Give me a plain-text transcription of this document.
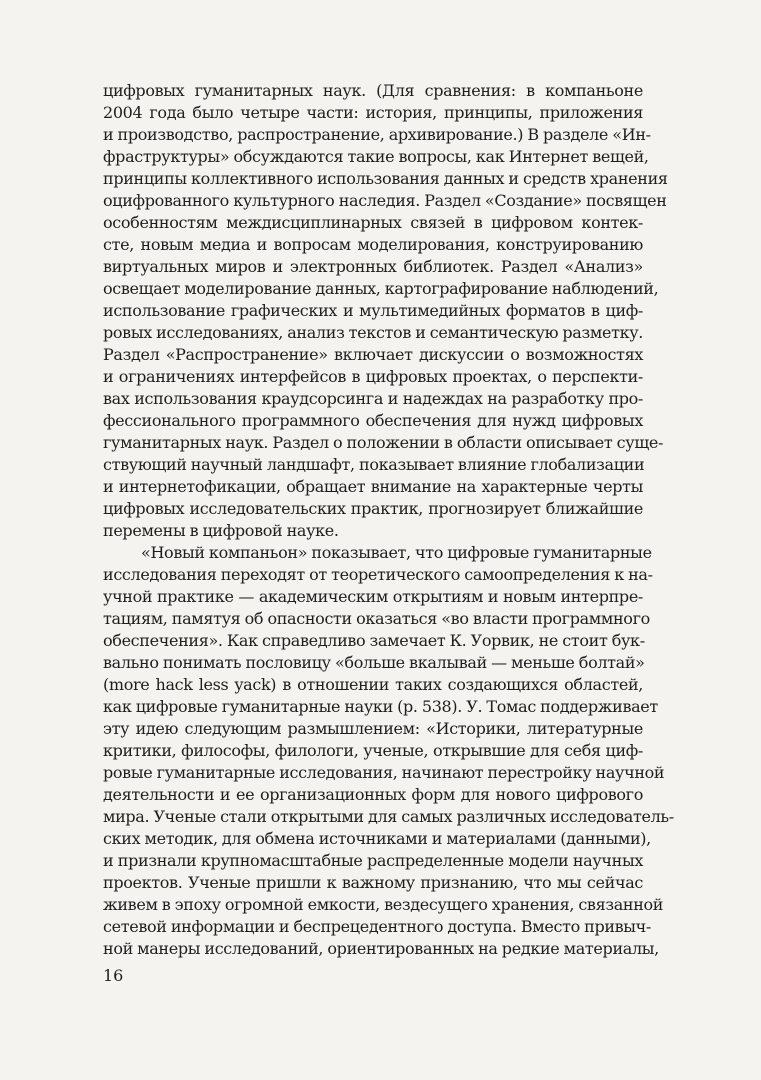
цифровых гуманитарных наук. (Для сравнения: в компаньоне
2004 года было четыре части: история, принципы, приложения
и производство, распространение, архивирование.) В разделе «Ин-
фраструктуры» обсуждаются такие вопросы, как Интернет вещей,
принципы коллективного использования данных и средств хранения
оцифрованного культурного наследия. Раздел «Создание» посвящен
особенностям междисциплинарных связей в цифровом контек-
сте, новым медиа и вопросам моделирования, конструированию
виртуальных миров и электронных библиотек. Раздел «Анализ»
освещает моделирование данных, картографирование наблюдений,
использование графических и мультимедийных форматов в циф-
ровых исследованиях, анализ текстов и семантическую разметку.
Раздел «Распространение» включает дискуссии о возможностях
и ограничениях интерфейсов в цифровых проектах, о перспекти-
вах использования краудсорсинга и надеждах на разработку про-
фессионального программного обеспечения для нужд цифровых
гуманитарных наук. Раздел о положении в области описывает суще-
ствующий научный ландшафт, показывает влияние глобализации
и интернетофикации, обращает внимание на характерные черты
цифровых исследовательских практик, прогнозирует ближайшие
перемены в цифровой науке.
«Новый компаньон» показывает, что цифровые гуманитарные
исследования переходят от теоретического самоопределения к на-
учной практике — академическим открытиям и новым интерпре-
тациям, памятуя об опасности оказаться «во власти программного
обеспечения». Как справедливо замечает К. Уорвик, не стоит бук-
вально понимать пословицу «больше вкалывай — меньше болтай»
(more hack less yack) в отношении таких создающихся областей,
как цифровые гуманитарные науки (p. 538). У. Томас поддерживает
эту идею следующим размышлением: «Историки, литературные
критики, философы, филологи, ученые, открывшие для себя циф-
ровые гуманитарные исследования, начинают перестройку научной
деятельности и ее организационных форм для нового цифрового
мира. Ученые стали открытыми для самых различных исследователь-
ских методик, для обмена источниками и материалами (данными),
и признали крупномасштабные распределенные модели научных
проектов. Ученые пришли к важному признанию, что мы сейчас
живем в эпоху огромной емкости, вездесущего хранения, связанной
сетевой информации и беспрецедентного доступа. Вместо привыч-
ной манеры исследований, ориентированных на редкие материалы,
16
